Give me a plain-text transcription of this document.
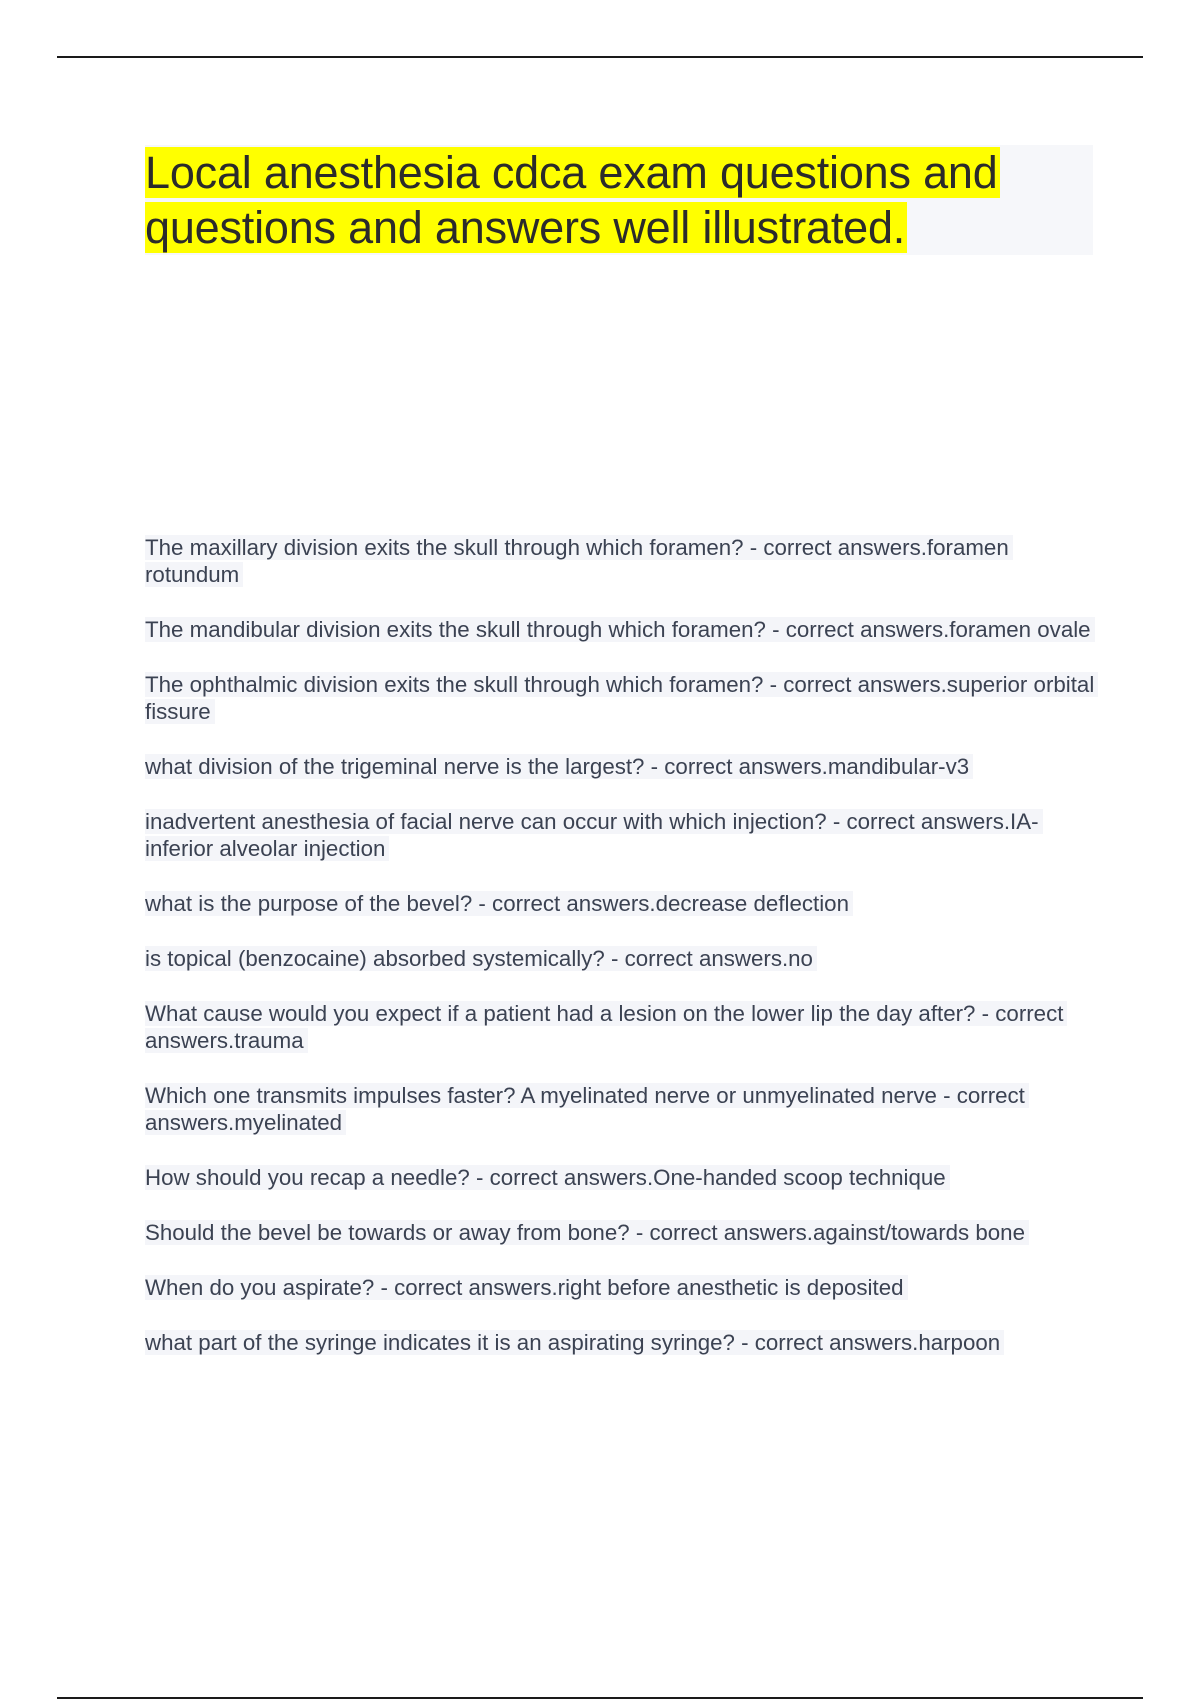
Local anesthesia cdca exam questions and questions and answers well illustrated.
The maxillary division exits the skull through which foramen? - correct answers.foramen rotundum
The mandibular division exits the skull through which foramen? - correct answers.foramen ovale
The ophthalmic division exits the skull through which foramen? - correct answers.superior orbital fissure
what division of the trigeminal nerve is the largest? - correct answers.mandibular-v3
inadvertent anesthesia of facial nerve can occur with which injection? - correct answers.IA-inferior alveolar injection
what is the purpose of the bevel? - correct answers.decrease deflection
is topical (benzocaine) absorbed systemically? - correct answers.no
What cause would you expect if a patient had a lesion on the lower lip the day after? - correct answers.trauma
Which one transmits impulses faster? A myelinated nerve or unmyelinated nerve - correct answers.myelinated
How should you recap a needle? - correct answers.One-handed scoop technique
Should the bevel be towards or away from bone? - correct answers.against/towards bone
When do you aspirate? - correct answers.right before anesthetic is deposited
what part of the syringe indicates it is an aspirating syringe? - correct answers.harpoon
